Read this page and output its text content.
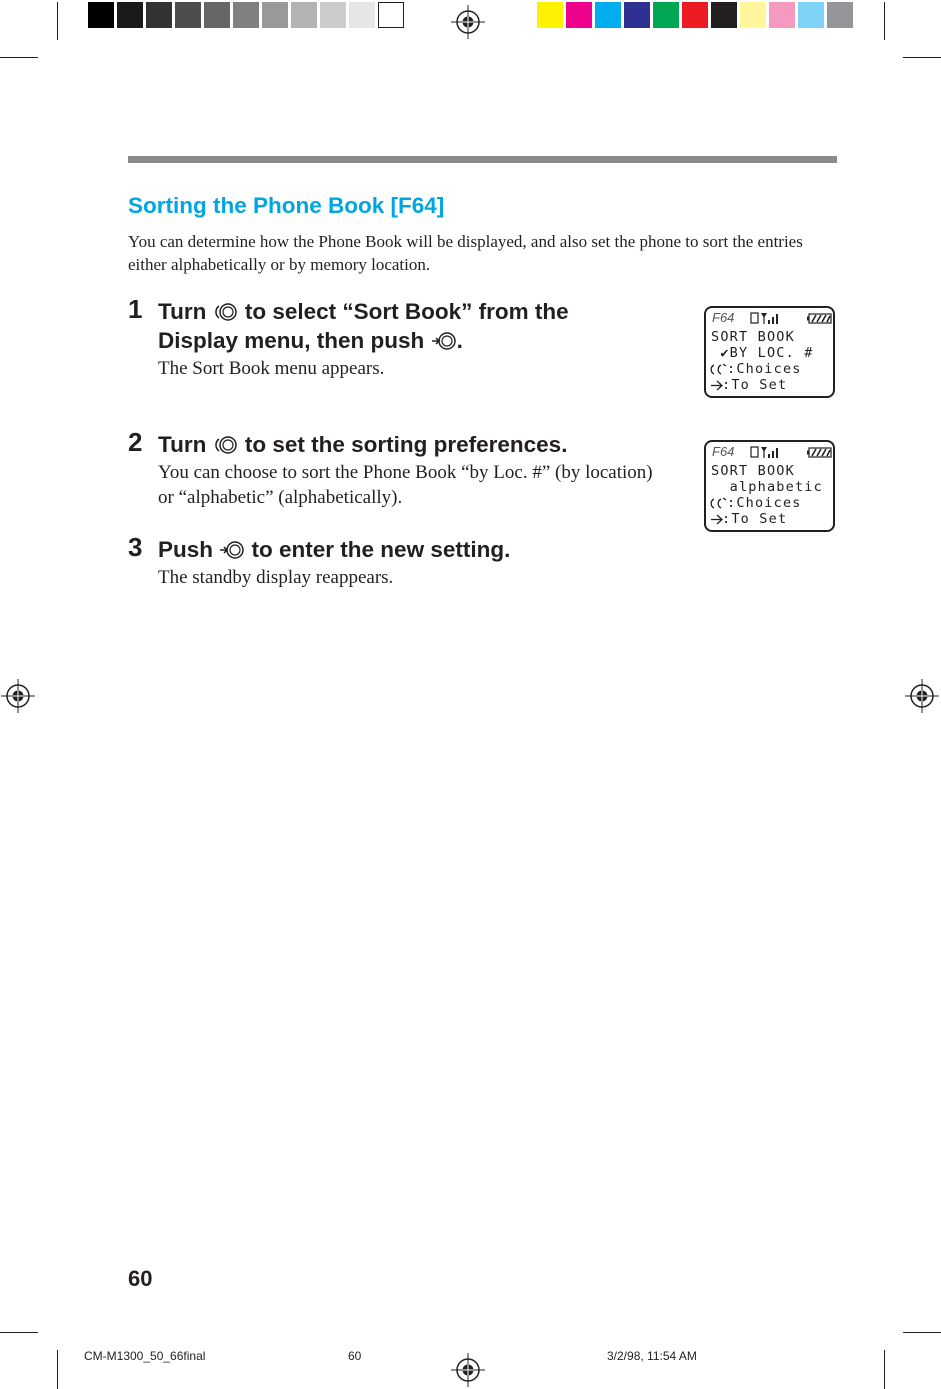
Sorting the Phone Book [F64]
You can determine how the Phone Book will be displayed, and also set the phone to sort the entries either alphabetically or by memory location.
1 Turn to select “Sort Book” from the
Display menu, then push .
The Sort Book menu appears.
2 Turn to set the sorting preferences.
You can choose to sort the Phone Book “by Loc. #” (by location) or “alphabetic” (alphabetically).
3 Push to enter the new setting.
The standby display reappears.
F64
SORT BOOK
✔BY LOC. #
:Choices
:To Set
F64
SORT BOOK
alphabetic
:Choices
:To Set
60
CM-M1300_50_66final	60	3/2/98, 11:54 AM
